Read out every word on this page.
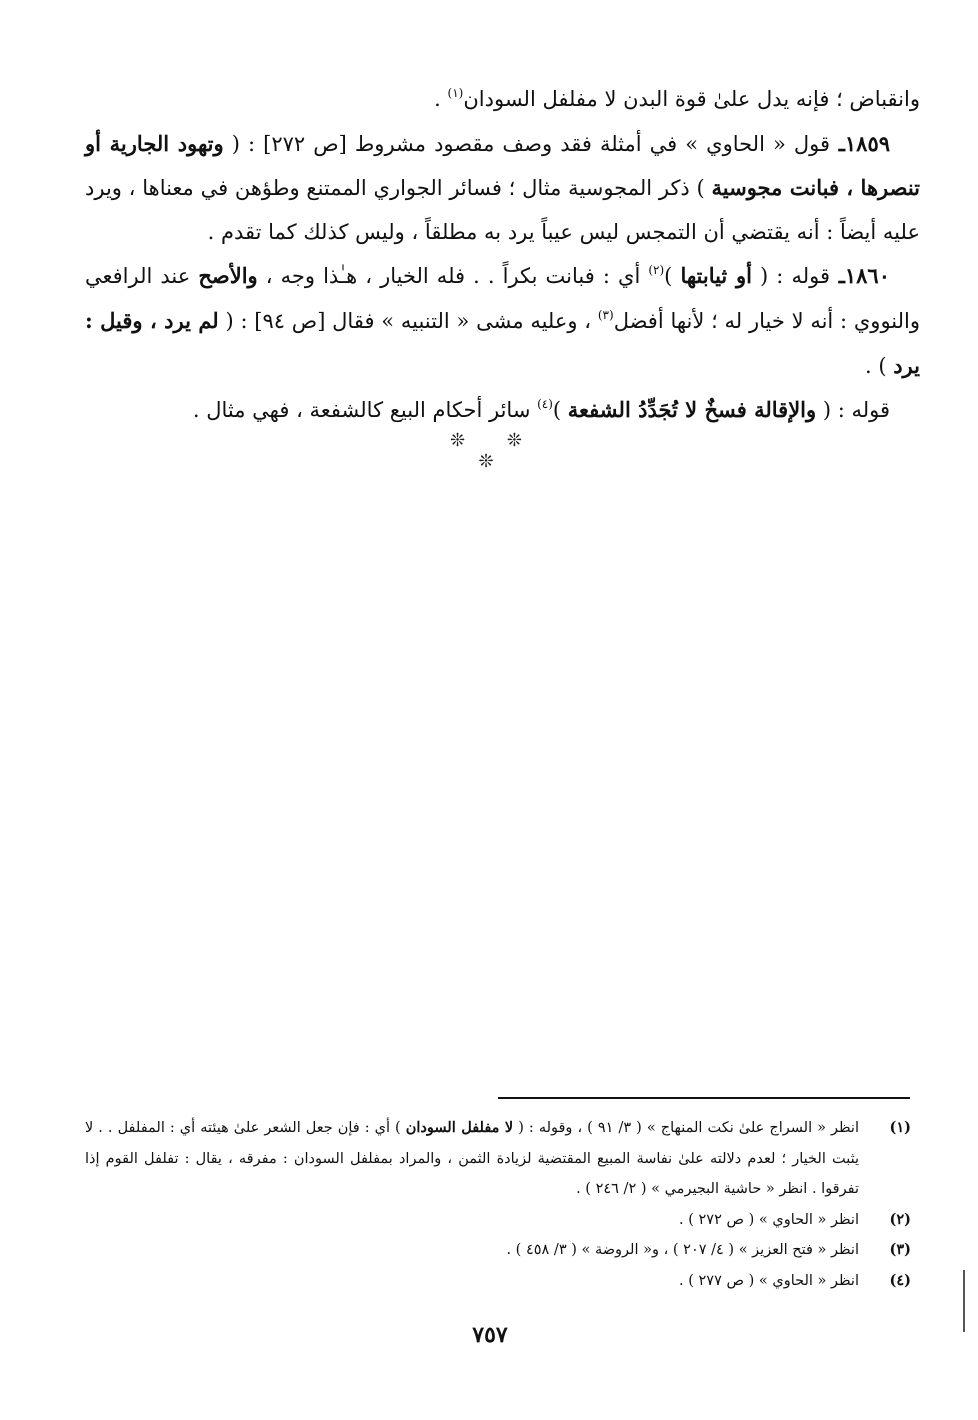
وانقباض ؛ فإنه يدل علىٰ قوة البدن لا مفلفل السودان$^{(١)}$ .

١٨٥٩ـ قول « الحاوي » في أمثلة فقد وصف مقصود مشروط [ص ٢٧٢] : ( وتهود الجارية أو تنصرها ، فبانت مجوسية ) ذكر المجوسية مثال ؛ فسائر الجواري الممتنع وطؤهن في معناها ، ويرد عليه أيضاً : أنه يقتضي أن التمجس ليس عيباً يرد به مطلقاً ، وليس كذلك كما تقدم .

١٨٦٠ـ قوله : ( أو ثيابتها )$^{(٢)}$ أي : فبانت بكراً . . فله الخيار ، هـٰذا وجه ، والأصح عند الرافعي والنووي : أنه لا خيار له ؛ لأنها أفضل$^{(٣)}$ ، وعليه مشى « التنبيه » فقال [ص ٩٤] : ( لم يرد ، وقيل : يرد ) .

قوله : ( والإقالة فسخٌ لا تُجَدِّدُ الشفعة )$^{(٤)}$ سائر أحكام البيع كالشفعة ، فهي مثال .

❊ ❊ ❊
(١)
انظر « السراج علىٰ نكت المنهاج » ( ٣/ ٩١ ) ، وقوله : ( لا مفلفل السودان ) أي : فإن جعل الشعر علىٰ هيئته أي : المفلفل . . لا يثبت الخيار ؛ لعدم دلالته علىٰ نفاسة المبيع المقتضية لزيادة الثمن ، والمراد بمفلفل السودان : مفرقه ، يقال : تفلفل القوم إذا تفرقوا . انظر « حاشية البجيرمي » ( ٢/ ٢٤٦ ) .
(٢)
انظر « الحاوي » ( ص ٢٧٢ ) .
(٣)
انظر « فتح العزيز » ( ٤/ ٢٠٧ ) ، و« الروضة » ( ٣/ ٤٥٨ ) .
(٤)
انظر « الحاوي » ( ص ٢٧٧ ) .
٧٥٧
